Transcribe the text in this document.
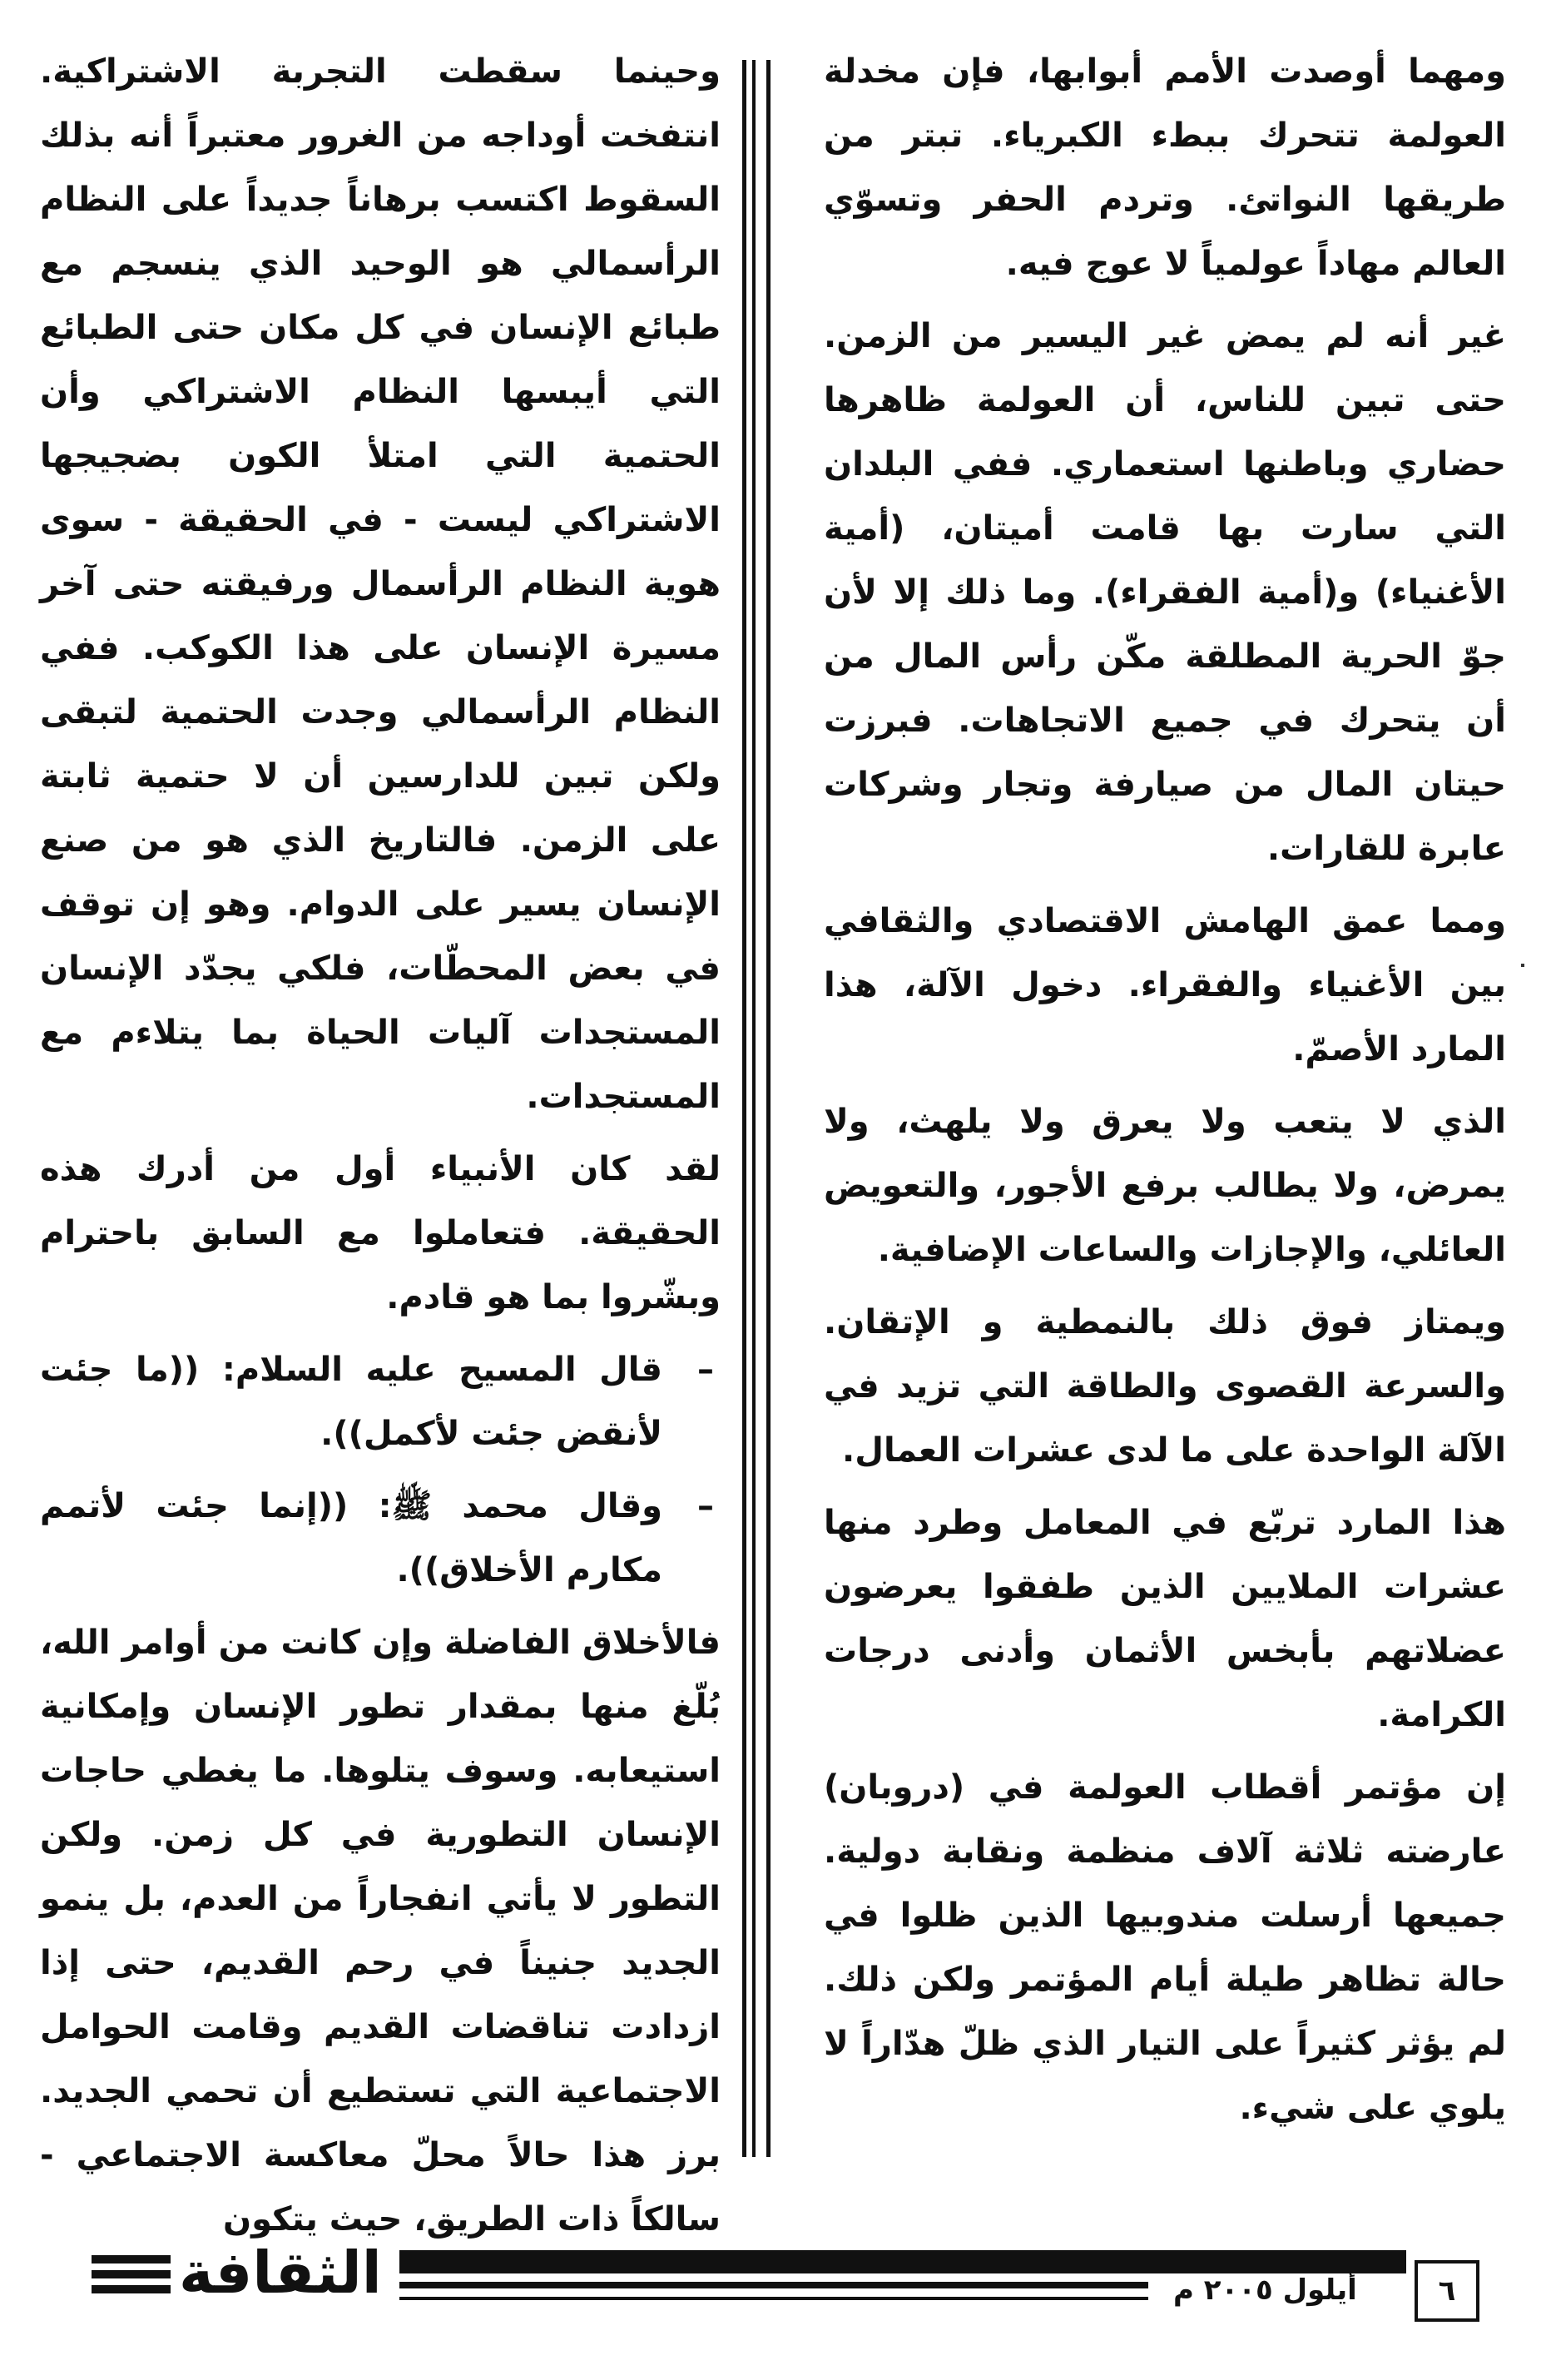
ومهما أوصدت الأمم أبوابها، فإن مخدلة العولمة تتحرك ببطء الكبرياء. تبتر من طريقها النواتئ. وتردم الحفر وتسوّي العالم مهاداً عولمياً لا عوج فيه.

غير أنه لم يمض غير اليسير من الزمن. حتى تبين للناس، أن العولمة ظاهرها حضاري وباطنها استعماري. ففي البلدان التي سارت بها قامت أميتان، (أمية الأغنياء) و(أمية الفقراء). وما ذلك إلا لأن جوّ الحرية المطلقة مكّن رأس المال من أن يتحرك في جميع الاتجاهات. فبرزت حيتان المال من صيارفة وتجار وشركات عابرة للقارات.

ومما عمق الهامش الاقتصادي والثقافي بين الأغنياء والفقراء. دخول الآلة، هذا المارد الأصمّ.

الذي لا يتعب ولا يعرق ولا يلهث، ولا يمرض، ولا يطالب برفع الأجور، والتعويض العائلي، والإجازات والساعات الإضافية.

ويمتاز فوق ذلك بالنمطية و الإتقان. والسرعة القصوى والطاقة التي تزيد في الآلة الواحدة على ما لدى عشرات العمال.

هذا المارد تربّع في المعامل وطرد منها عشرات الملايين الذين طفقوا يعرضون عضلاتهم بأبخس الأثمان وأدنى درجات الكرامة.

إن مؤتمر أقطاب العولمة في (دروبان) عارضته ثلاثة آلاف منظمة ونقابة دولية. جميعها أرسلت مندوبيها الذين ظلوا في حالة تظاهر طيلة أيام المؤتمر ولكن ذلك. لم يؤثر كثيراً على التيار الذي ظلّ هدّاراً لا يلوي على شيء.

وحينما سقطت التجربة الاشتراكية. انتفخت أوداجه من الغرور معتبراً أنه بذلك السقوط اكتسب برهاناً جديداً على النظام الرأسمالي هو الوحيد الذي ينسجم مع طبائع الإنسان في كل مكان حتى الطبائع التي أيبسها النظام الاشتراكي وأن الحتمية التي امتلأ الكون بضجيجها الاشتراكي ليست - في الحقيقة - سوى هوية النظام الرأسمال ورفيقته حتى آخر مسيرة الإنسان على هذا الكوكب. ففي النظام الرأسمالي وجدت الحتمية لتبقى ولكن تبين للدارسين أن لا حتمية ثابتة على الزمن. فالتاريخ الذي هو من صنع الإنسان يسير على الدوام. وهو إن توقف في بعض المحطّات، فلكي يجدّد الإنسان المستجدات آليات الحياة بما يتلاءم مع المستجدات.

لقد كان الأنبياء أول من أدرك هذه الحقيقة. فتعاملوا مع السابق باحترام وبشّروا بما هو قادم.

– قال المسيح عليه السلام: ((ما جئت لأنقض جئت لأكمل)).

– وقال محمد ﷺ: ((إنما جئت لأتمم مكارم الأخلاق)).

فالأخلاق الفاضلة وإن كانت من أوامر الله، بُلّغ منها بمقدار تطور الإنسان وإمكانية استيعابه. وسوف يتلوها. ما يغطي حاجات الإنسان التطورية في كل زمن. ولكن التطور لا يأتي انفجاراً من العدم، بل ينمو الجديد جنيناً في رحم القديم، حتى إذا ازدادت تناقضات القديم وقامت الحوامل الاجتماعية التي تستطيع أن تحمي الجديد. برز هذا حالاً محلّ معاكسة الاجتماعي - سالكاً ذات الطريق، حيث يتكون

الثقافة	أيلول ٢٠٠٥ م	٦
